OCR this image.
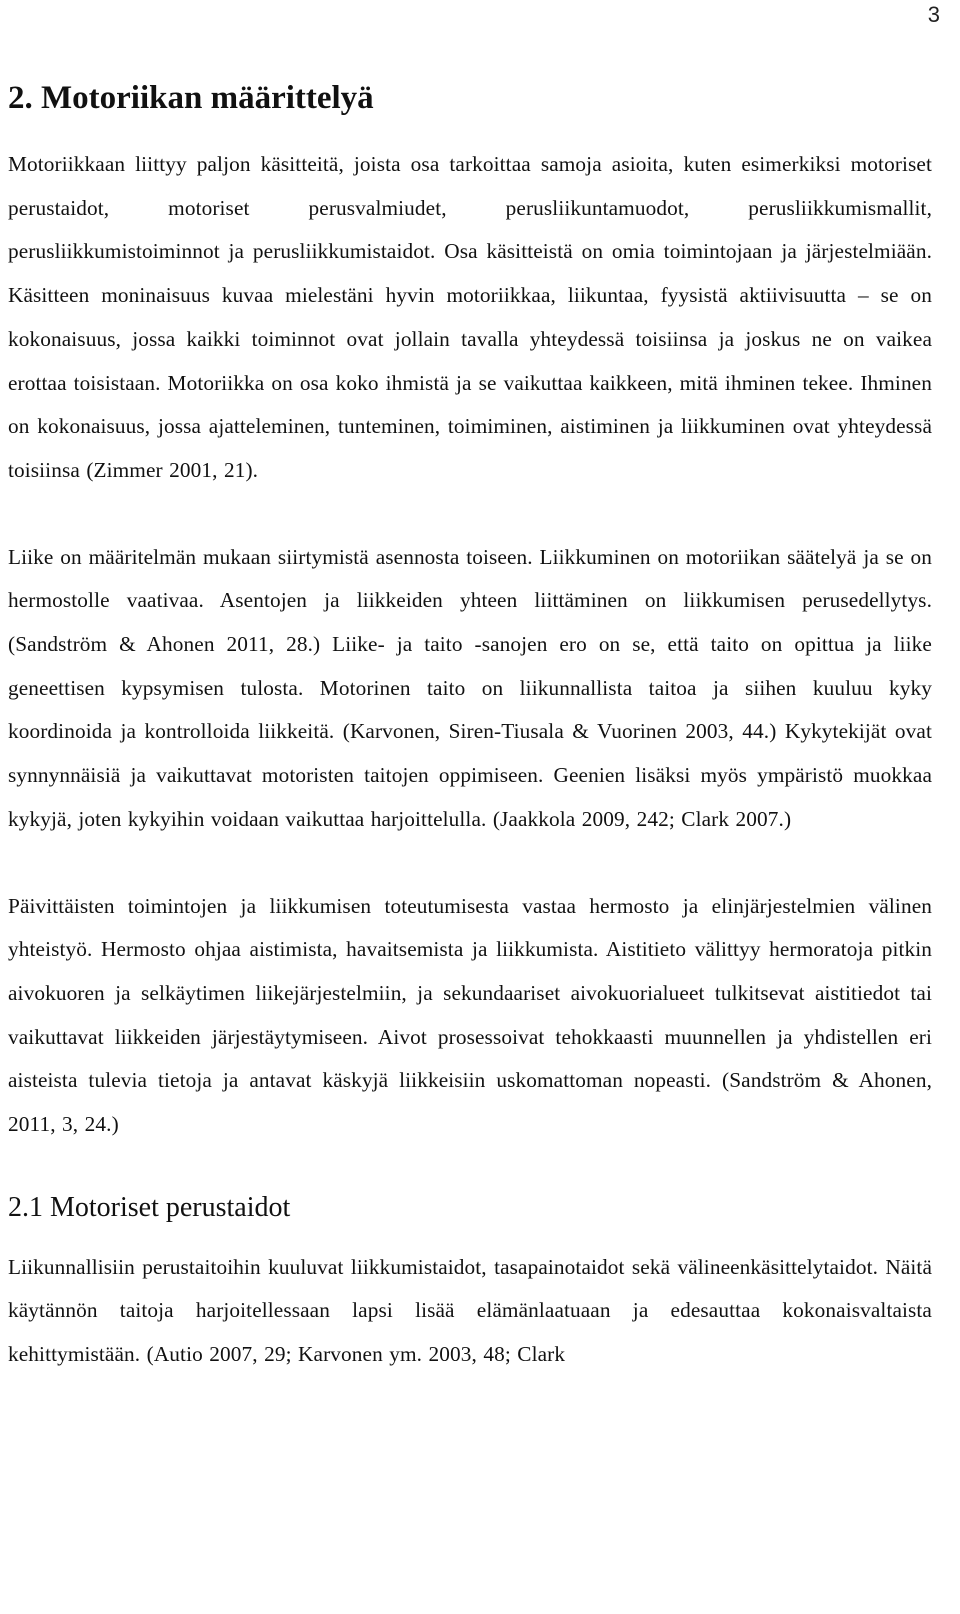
3
2. Motoriikan määrittelyä

Motoriikkaan liittyy paljon käsitteitä, joista osa tarkoittaa samoja asioita, kuten esimerkiksi motoriset perustaidot, motoriset perusvalmiudet, perusliikuntamuodot, perusliikkumismallit, perusliikkumistoiminnot ja perusliikkumistaidot. Osa käsitteistä on omia toimintojaan ja järjestelmiään. Käsitteen moninaisuus kuvaa mielestäni hyvin motoriikkaa, liikuntaa, fyysistä aktiivisuutta – se on kokonaisuus, jossa kaikki toiminnot ovat jollain tavalla yhteydessä toisiinsa ja joskus ne on vaikea erottaa toisistaan. Motoriikka on osa koko ihmistä ja se vaikuttaa kaikkeen, mitä ihminen tekee. Ihminen on kokonaisuus, jossa ajatteleminen, tunteminen, toimiminen, aistiminen ja liikkuminen ovat yhteydessä toisiinsa (Zimmer 2001, 21).

Liike on määritelmän mukaan siirtymistä asennosta toiseen. Liikkuminen on motoriikan säätelyä ja se on hermostolle vaativaa. Asentojen ja liikkeiden yhteen liittäminen on liikkumisen perusedellytys. (Sandström & Ahonen 2011, 28.) Liike- ja taito -sanojen ero on se, että taito on opittua ja liike geneettisen kypsymisen tulosta. Motorinen taito on liikunnallista taitoa ja siihen kuuluu kyky koordinoida ja kontrolloida liikkeitä. (Karvonen, Siren-Tiusala & Vuorinen 2003, 44.) Kykytekijät ovat synnynnäisiä ja vaikuttavat motoristen taitojen oppimiseen. Geenien lisäksi myös ympäristö muokkaa kykyjä, joten kykyihin voidaan vaikuttaa harjoittelulla. (Jaakkola 2009, 242; Clark 2007.)

Päivittäisten toimintojen ja liikkumisen toteutumisesta vastaa hermosto ja elinjärjestelmien välinen yhteistyö. Hermosto ohjaa aistimista, havaitsemista ja liikkumista. Aistitieto välittyy hermoratoja pitkin aivokuoren ja selkäytimen liikejärjestelmiin, ja sekundaariset aivokuorialueet tulkitsevat aistitiedot tai vaikuttavat liikkeiden järjestäytymiseen. Aivot prosessoivat tehokkaasti muunnellen ja yhdistellen eri aisteista tulevia tietoja ja antavat käskyjä liikkeisiin uskomattoman nopeasti. (Sandström & Ahonen, 2011, 3, 24.)

2.1 Motoriset perustaidot

Liikunnallisiin perustaitoihin kuuluvat liikkumistaidot, tasapainotaidot sekä välineenkäsittelytaidot. Näitä käytännön taitoja harjoitellessaan lapsi lisää elämänlaatuaan ja edesauttaa kokonaisvaltaista kehittymistään. (Autio 2007, 29; Karvonen ym. 2003, 48; Clark
